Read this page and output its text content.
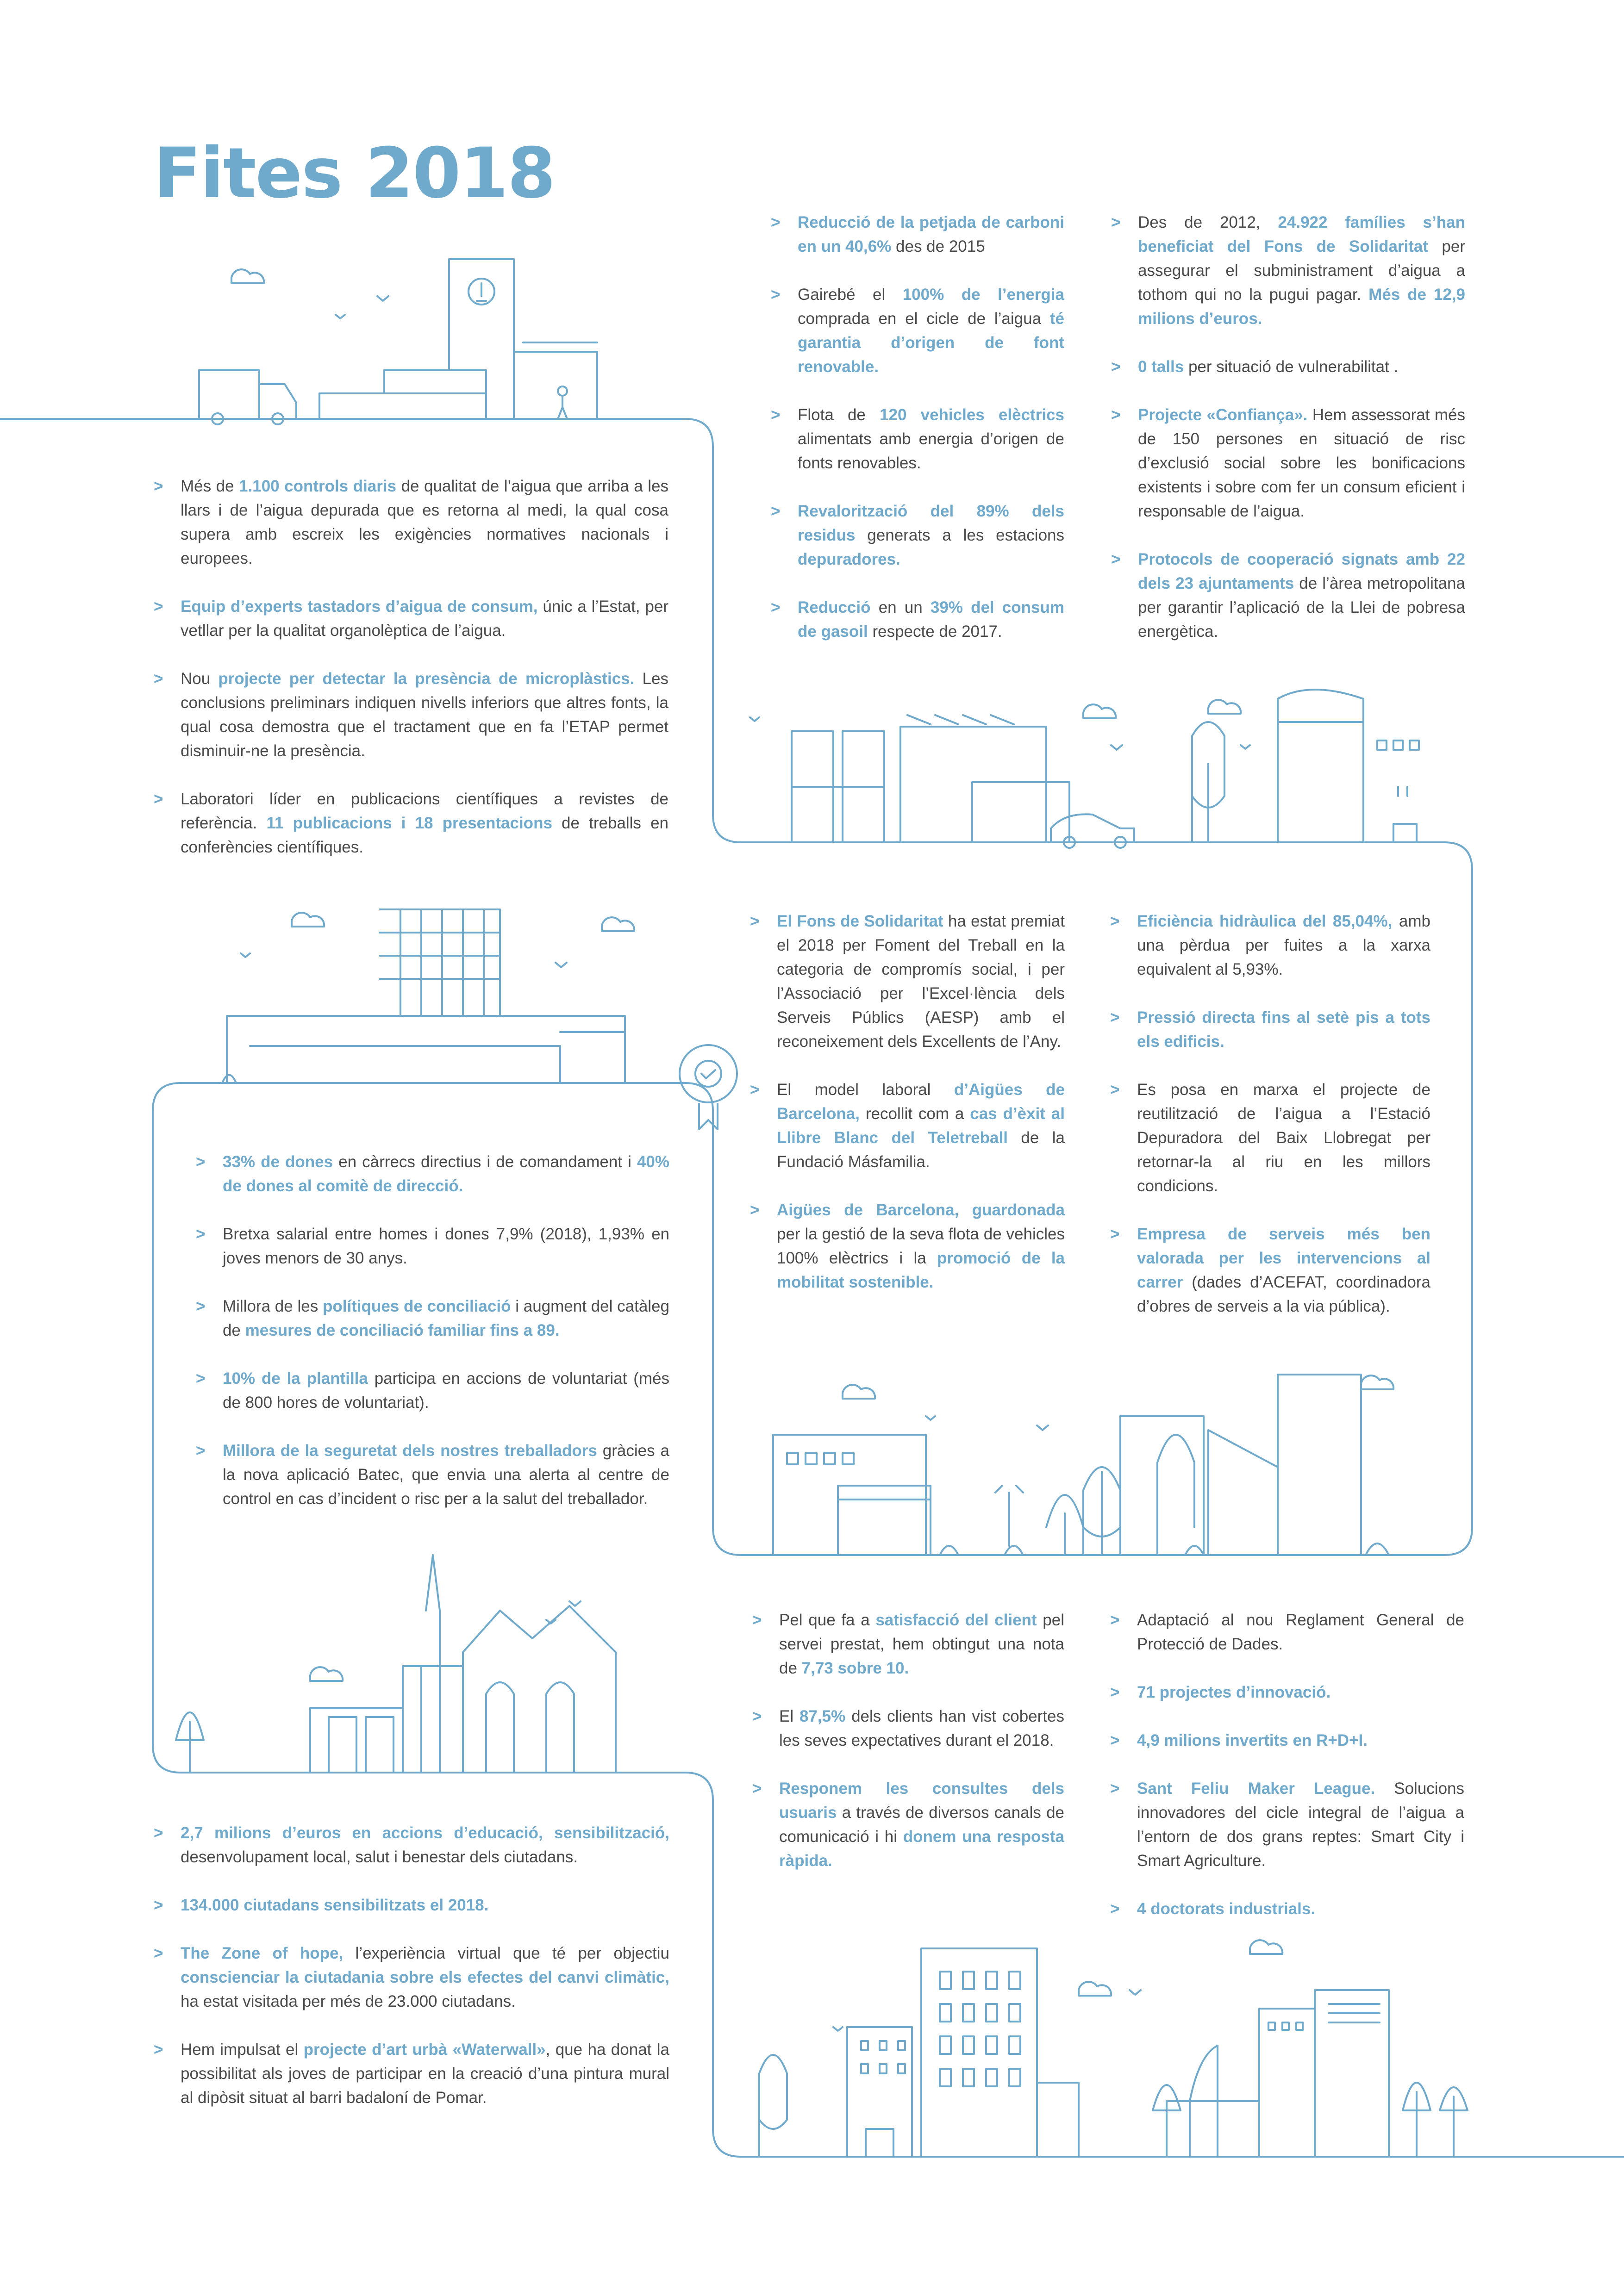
Fites 2018

> Reducció de la petjada de carboni en un 40,6% des de 2015

> Gairebé el 100% de l’energia comprada en el cicle de l’aigua té garantia d’origen de font renovable.

> Flota de 120 vehicles elèctrics alimentats amb energia d’origen de fonts renovables.

> Revalorització del 89% dels residus generats a les estacions depuradores.

> Reducció en un 39% del consum de gasoil respecte de 2017.

> Des de 2012, 24.922 famílies s’han beneficiat del Fons de Solidaritat per assegurar el subministrament d’aigua a tothom qui no la pugui pagar. Més de 12,9 milions d’euros.

> 0 talls per situació de vulnerabilitat .

> Projecte «Confiança». Hem assessorat més de 150 persones en situació de risc d’exclusió social sobre les bonificacions existents i sobre com fer un consum eficient i responsable de l’aigua.

> Protocols de cooperació signats amb 22 dels 23 ajuntaments de l’àrea metropolitana per garantir l’aplicació de la Llei de pobresa energètica.

> Més de 1.100 controls diaris de qualitat de l’aigua que arriba a les llars i de l’aigua depurada que es retorna al medi, la qual cosa supera amb escreix les exigències normatives nacionals i europees.

> Equip d’experts tastadors d’aigua de consum, únic a l’Estat, per vetllar per la qualitat organolèptica de l’aigua.

> Nou projecte per detectar la presència de microplàstics. Les conclusions preliminars indiquen nivells inferiors que altres fonts, la qual cosa demostra que el tractament que en fa l’ETAP permet disminuir-ne la presència.

> Laboratori líder en publicacions científiques a revistes de referència. 11 publicacions i 18 presentacions de treballs en conferències científiques.

> El Fons de Solidaritat ha estat premiat el 2018 per Foment del Treball en la categoria de compromís social, i per l’Associació per l’Excel·lència dels Serveis Públics (AESP) amb el reconeixement dels Excellents de l’Any.

> El model laboral d’Aigües de Barcelona, recollit com a cas d’èxit al Llibre Blanc del Teletreball de la Fundació Másfamilia.

> Aigües de Barcelona, guardonada per la gestió de la seva flota de vehicles 100% elèctrics i la promoció de la mobilitat sostenible.

> Eficiència hidràulica del 85,04%, amb una pèrdua per fuites a la xarxa equivalent al 5,93%.

> Pressió directa fins al setè pis a tots els edificis.

> Es posa en marxa el projecte de reutilització de l’aigua a l’Estació Depuradora del Baix Llobregat per retornar-la al riu en les millors condicions.

> Empresa de serveis més ben valorada per les intervencions al carrer (dades d’ACEFAT, coordinadora d’obres de serveis a la via pública).

> 33% de dones en càrrecs directius i de comandament i 40% de dones al comitè de direcció.

> Bretxa salarial entre homes i dones 7,9% (2018), 1,93% en joves menors de 30 anys.

> Millora de les polítiques de conciliació i augment del catàleg de mesures de conciliació familiar fins a 89.

> 10% de la plantilla participa en accions de voluntariat (més de 800 hores de voluntariat).

> Millora de la seguretat dels nostres treballadors gràcies a la nova aplicació Batec, que envia una alerta al centre de control en cas d’incident o risc per a la salut del treballador.

> Pel que fa a satisfacció del client pel servei prestat, hem obtingut una nota de 7,73 sobre 10.

> El 87,5% dels clients han vist cobertes les seves expectatives durant el 2018.

> Responem les consultes dels usuaris a través de diversos canals de comunicació i hi donem una resposta ràpida.

> Adaptació al nou Reglament General de Protecció de Dades.

> 71 projectes d’innovació.

> 4,9 milions invertits en R+D+I.

> Sant Feliu Maker League. Solucions innovadores del cicle integral de l’aigua a l’entorn de dos grans reptes: Smart City i Smart Agriculture.

> 4 doctorats industrials.

> 2,7 milions d’euros en accions d’educació, sensibilització, desenvolupament local, salut i benestar dels ciutadans.

> 134.000 ciutadans sensibilitzats el 2018.

> The Zone of hope, l’experiència virtual que té per objectiu conscienciar la ciutadania sobre els efectes del canvi climàtic, ha estat visitada per més de 23.000 ciutadans.

> Hem impulsat el projecte d’art urbà «Waterwall», que ha donat la possibilitat als joves de participar en la creació d’una pintura mural al dipòsit situat al barri badaloní de Pomar.
